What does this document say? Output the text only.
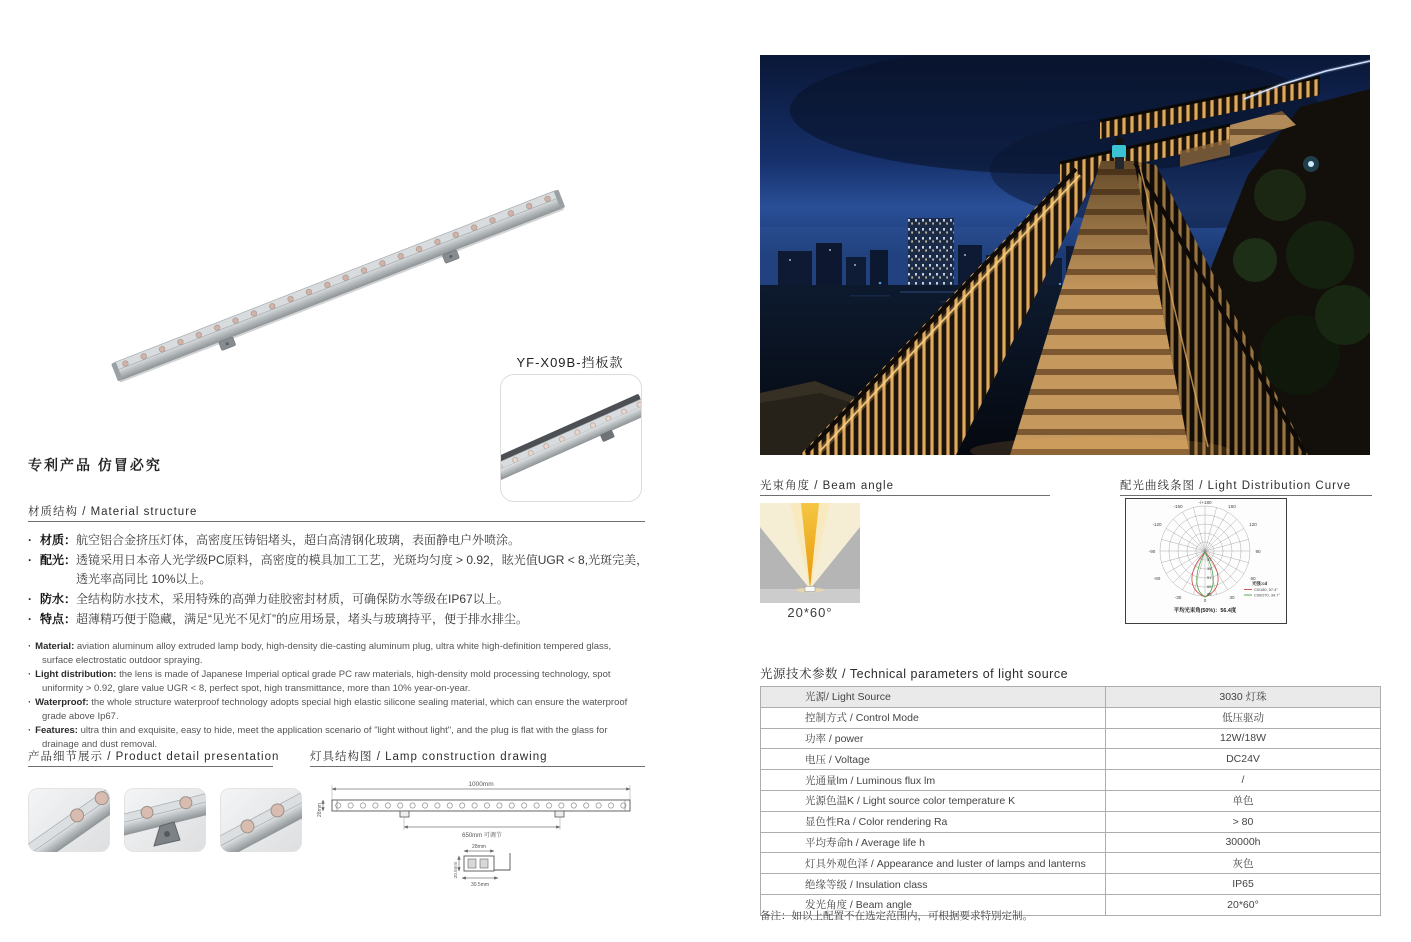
YF-X09B-挡板款
专利产品 仿冒必究
材质结构 / Material structure
· 材质： 航空铝合金挤压灯体，高密度压铸铝堵头，超白高清钢化玻璃，表面静电户外喷涂。
· 配光： 透镜采用日本帝人光学级PC原料，高密度的模具加工工艺，光斑均匀度 > 0.92，眩光值UGR < 8,光斑完美，透光率高同比 10%以上。
· 防水： 全结构防水技术，采用特殊的高弹力硅胶密封材质，可确保防水等级在IP67以上。
· 特点： 超薄精巧便于隐藏，满足“见光不见灯”的应用场景，堵头与玻璃持平，便于排水排尘。
· Material: aviation aluminum alloy extruded lamp body, high-density die-casting aluminum plug, ultra white high-definition tempered glass, surface electrostatic outdoor spraying.
· Light distribution: the lens is made of Japanese Imperial optical grade PC raw materials, high-density mold processing technology, spot uniformity > 0.92, glare value UGR < 8, perfect spot, high transmittance, more than 10% year-on-year.
· Waterproof: the whole structure waterproof technology adopts special high elastic silicone sealing material, which can ensure the waterproof grade above Ip67.
· Features: ultra thin and exquisite, easy to hide, meet the application scenario of "light without light", and the plug is flat with the glass for drainage and dust removal.
产品细节展示 / Product detail presentation	灯具结构图 / Lamp construction drawing
1000mm
28mm
650mm 可调节
28mm
20.5mm
30.5mm
光束角度 / Beam angle
20*60°
配光曲线条图 / Light Distribution Curve
-/+180
150
-150
120
-120
90
-90
60
-60
30
-30
0
17
34
51
68
85
光强:cd
C0/180, 57.4°
C90/270, 34.7°
平均光束角(50%)：56.4度
光源技术参数 / Technical parameters of light source
光源/ Light Source	3030 灯珠
控制方式 / Control Mode	低压驱动
功率 / power	12W/18W
电压 / Voltage	DC24V
光通量lm / Luminous flux lm	/
光源色温K / Light source color temperature K	单色
显色性Ra / Color rendering Ra	> 80
平均寿命h / Average life h	30000h
灯具外观色泽 / Appearance and luster of lamps and lanterns	灰色
绝缘等级 / Insulation class	IP65
发光角度 / Beam angle	20*60°
备注：如以上配置不在选定范围内，可根据要求特别定制。
